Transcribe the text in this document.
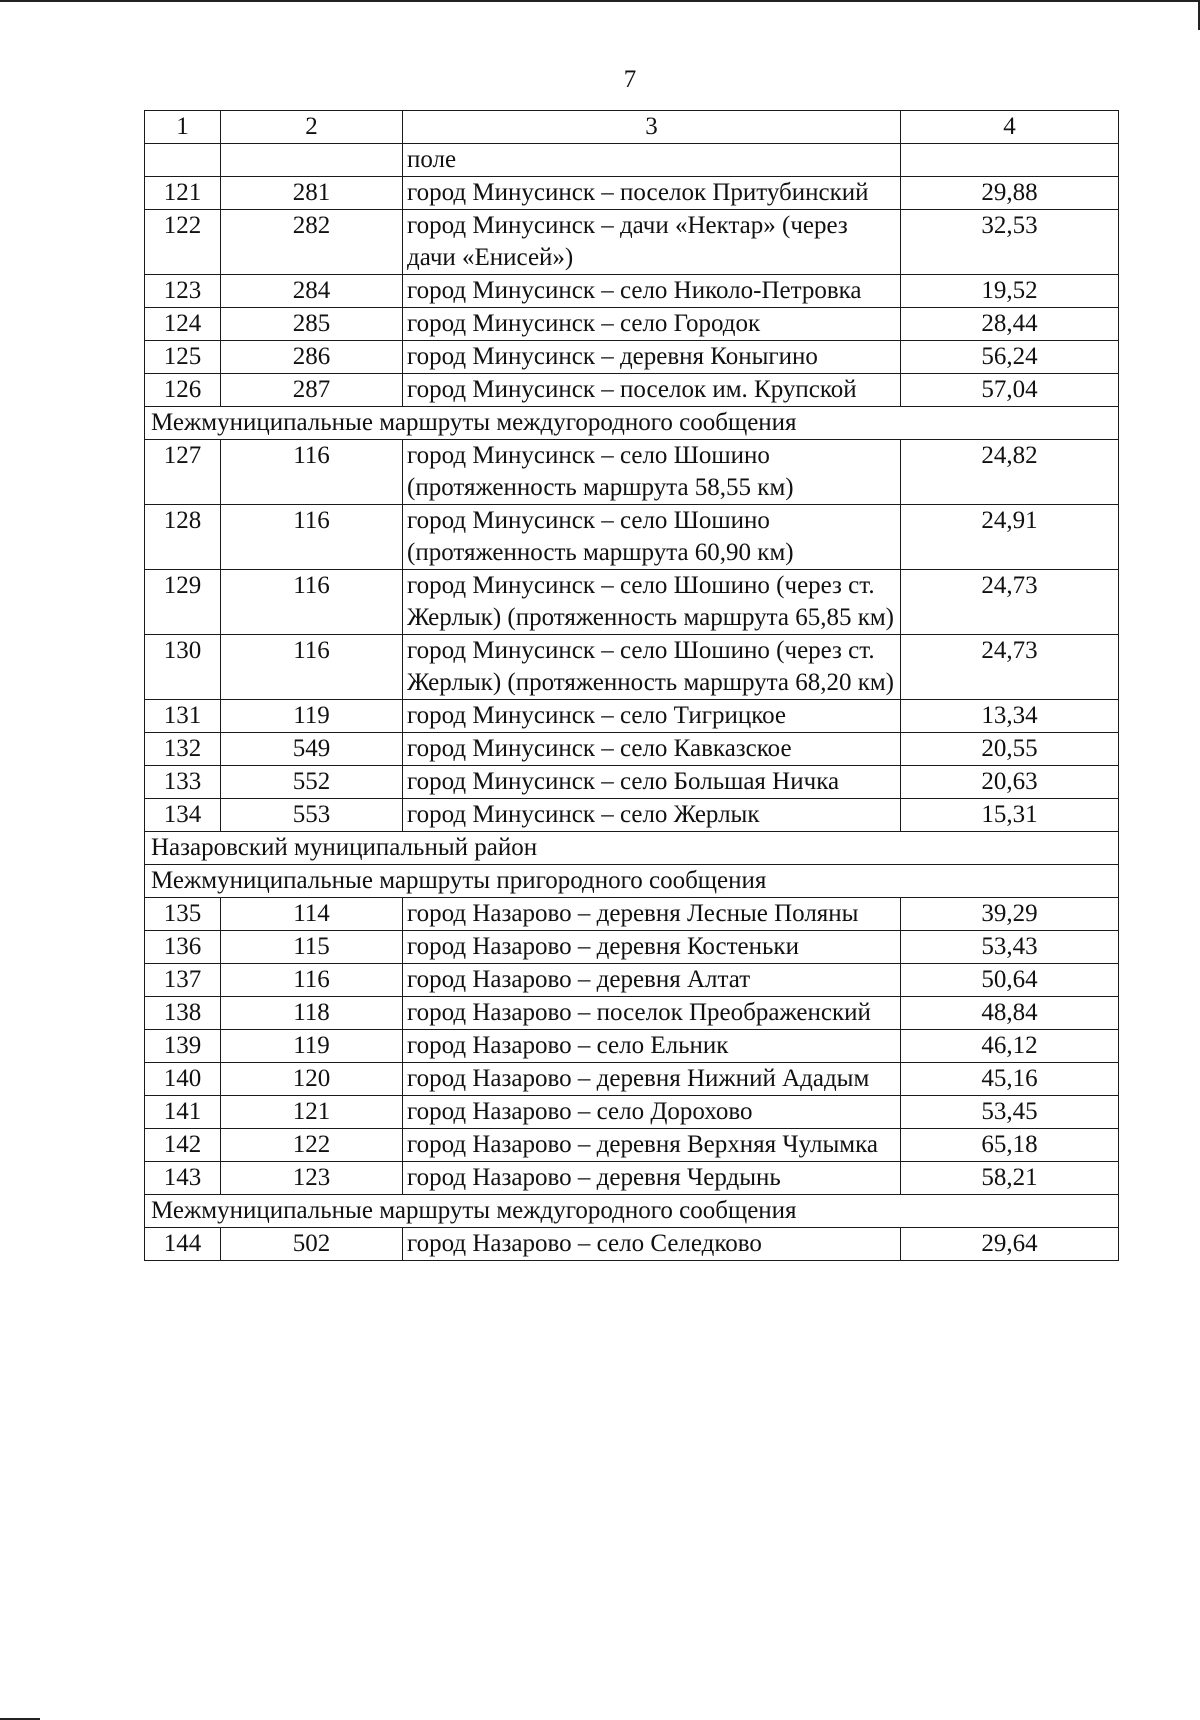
7
1	2	3	4
		поле	
121	281	город Минусинск – поселок Притубинский	29,88
122	282	город Минусинск – дачи «Нектар» (через дачи «Енисей»)	32,53
123	284	город Минусинск – село Николо-Петровка	19,52
124	285	город Минусинск – село Городок	28,44
125	286	город Минусинск – деревня Коныгино	56,24
126	287	город Минусинск – поселок им. Крупской	57,04
Межмуниципальные маршруты междугородного сообщения			
127	116	город Минусинск – село Шошино (протяженность маршрута 58,55 км)	24,82
128	116	город Минусинск – село Шошино (протяженность маршрута 60,90 км)	24,91
129	116	город Минусинск – село Шошино (через ст. Жерлык) (протяженность маршрута 65,85 км)	24,73
130	116	город Минусинск – село Шошино (через ст. Жерлык) (протяженность маршрута 68,20 км)	24,73
131	119	город Минусинск – село Тигрицкое	13,34
132	549	город Минусинск – село Кавказское	20,55
133	552	город Минусинск – село Большая Ничка	20,63
134	553	город Минусинск – село Жерлык	15,31
Назаровский муниципальный район			
Межмуниципальные маршруты пригородного сообщения			
135	114	город Назарово – деревня Лесные Поляны	39,29
136	115	город Назарово – деревня Костеньки	53,43
137	116	город Назарово – деревня Алтат	50,64
138	118	город Назарово – поселок Преображенский	48,84
139	119	город Назарово – село Ельник	46,12
140	120	город Назарово – деревня Нижний Ададым	45,16
141	121	город Назарово – село Дорохово	53,45
142	122	город Назарово – деревня Верхняя Чулымка	65,18
143	123	город Назарово – деревня Чердынь	58,21
Межмуниципальные маршруты междугородного сообщения			
144	502	город Назарово – село Селедково	29,64
